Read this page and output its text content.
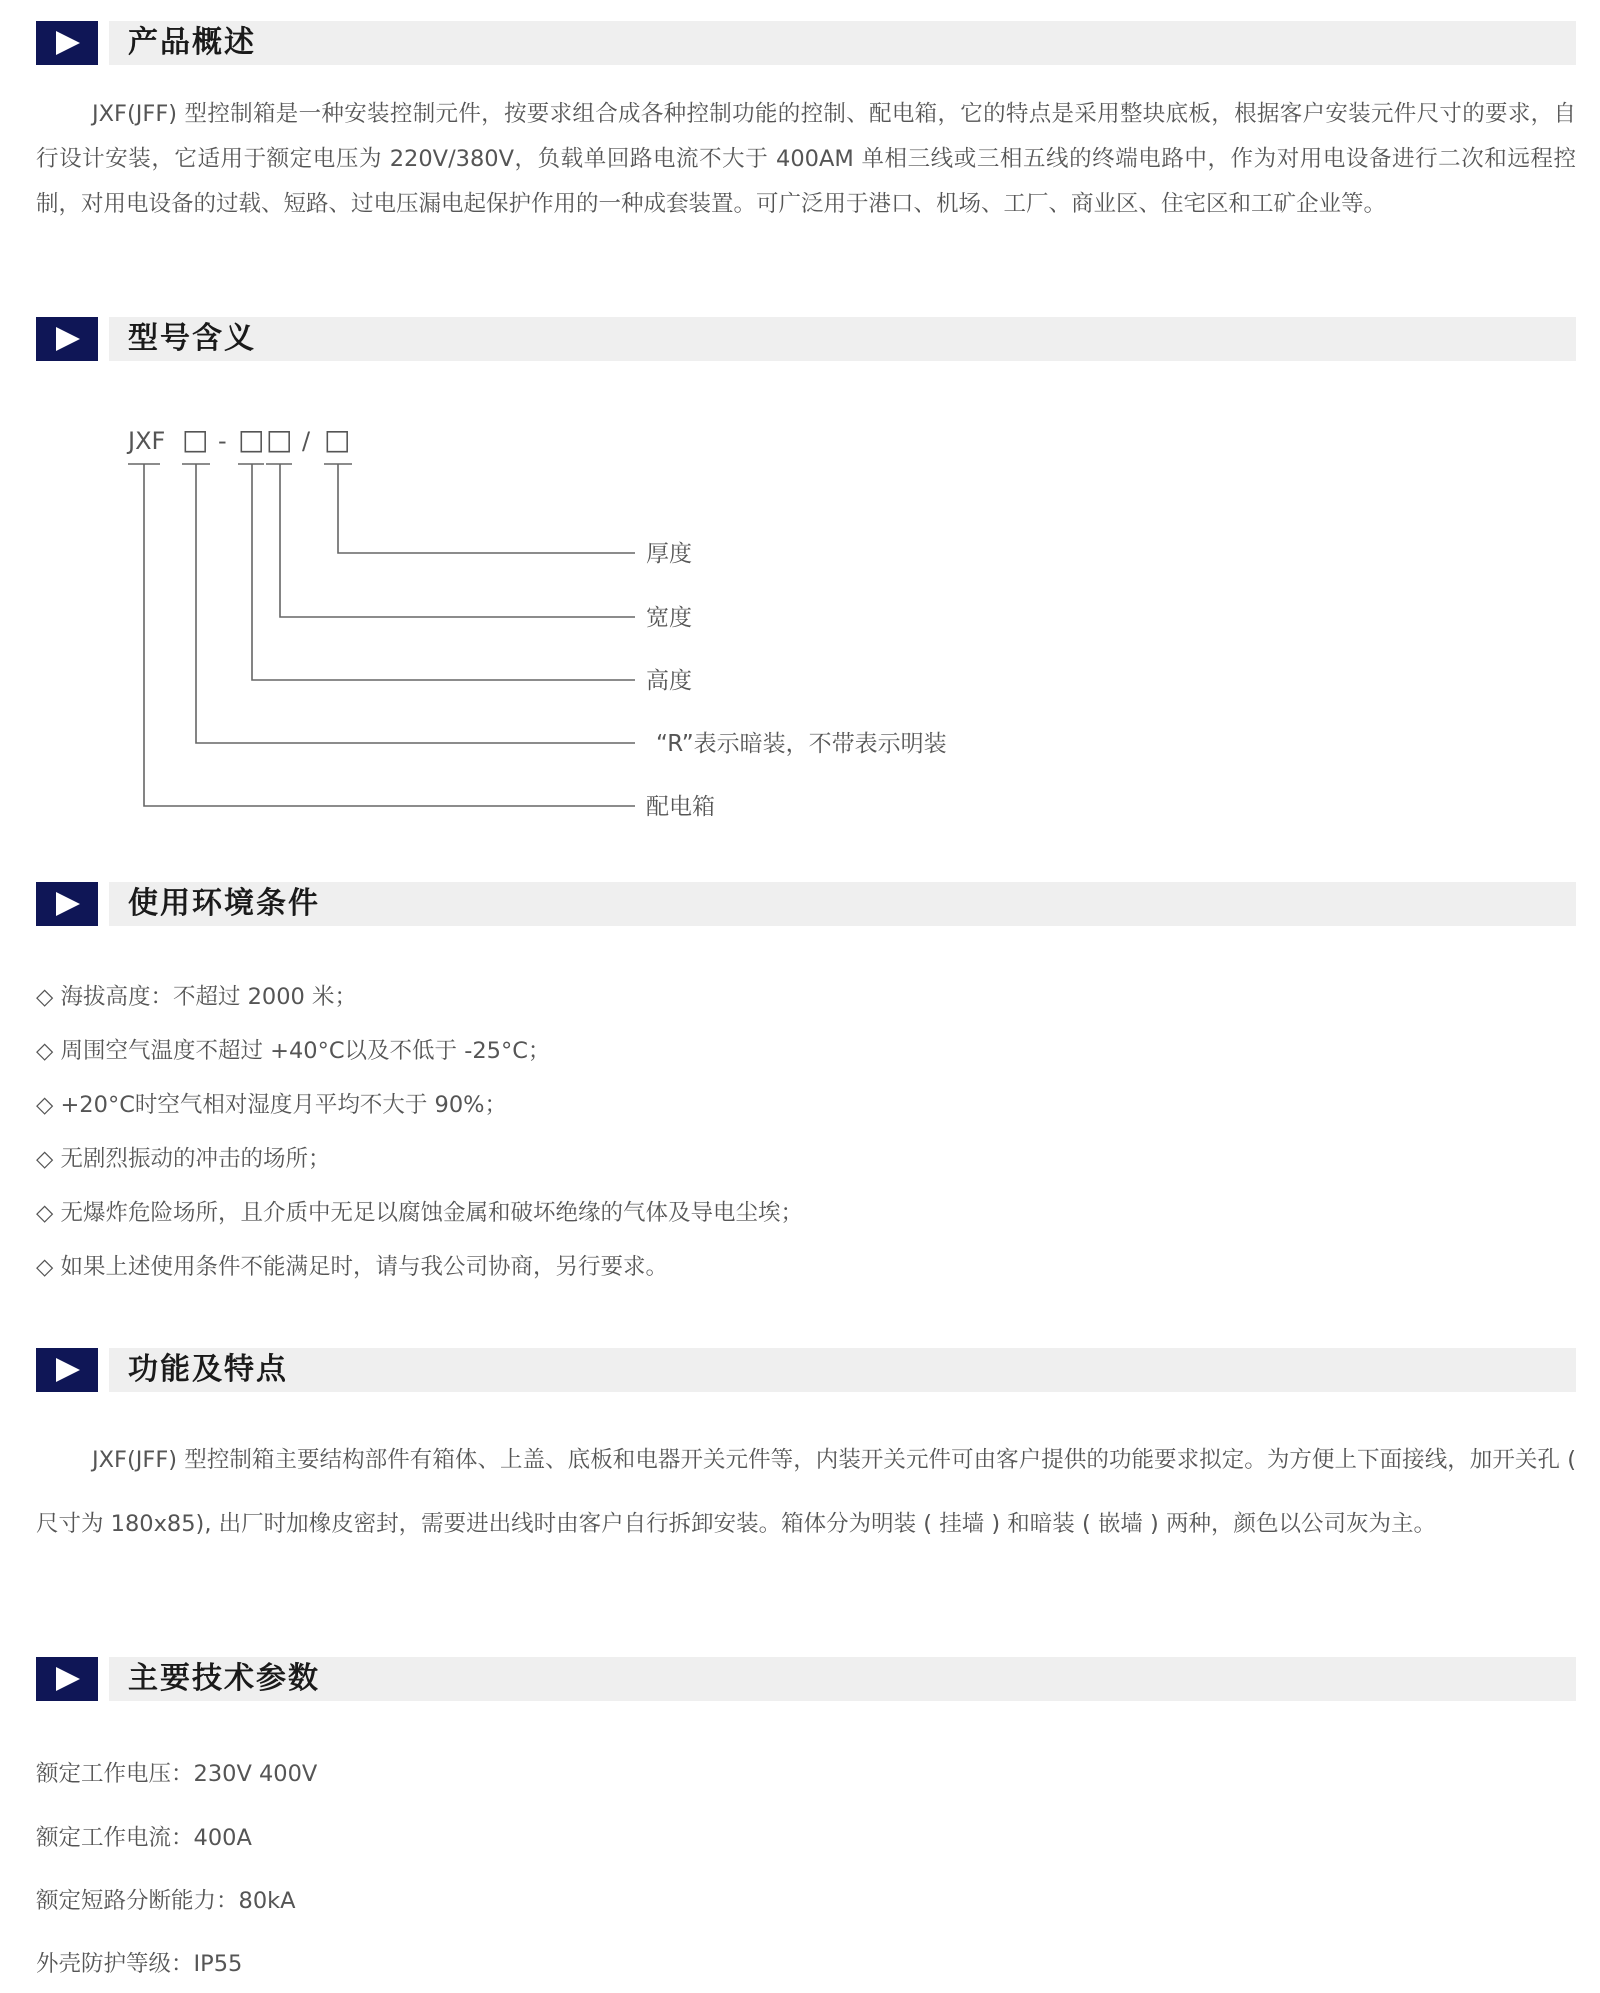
产品概述
JXF(JFF) 型控制箱是一种安装控制元件，按要求组合成各种控制功能的控制、配电箱，它的特点是采用整块底板，根据客户安装元件尺寸的要求，自行设计安装，它适用于额定电压为 220V/380V，负载单回路电流不大于 400AM 单相三线或三相五线的终端电路中，作为对用电设备进行二次和远程控制，对用电设备的过载、短路、过电压漏电起保护作用的一种成套装置。可广泛用于港口、机场、工厂、商业区、住宅区和工矿企业等。
型号含义
JXF □ - □ □ / □
厚度
宽度
高度
“R”表示暗装，不带表示明装
配电箱
使用环境条件
◇ 海拔高度：不超过 2000 米；
◇ 周围空气温度不超过 +40°C以及不低于 -25°C；
◇ +20°C时空气相对湿度月平均不大于 90%；
◇ 无剧烈振动的冲击的场所；
◇ 无爆炸危险场所，且介质中无足以腐蚀金属和破坏绝缘的气体及导电尘埃；
◇ 如果上述使用条件不能满足时，请与我公司协商，另行要求。
功能及特点
JXF(JFF) 型控制箱主要结构部件有箱体、上盖、底板和电器开关元件等，内装开关元件可由客户提供的功能要求拟定。为方便上下面接线，加开关孔 ( 尺寸为 180x85), 出厂时加橡皮密封，需要进出线时由客户自行拆卸安装。箱体分为明装 ( 挂墙 ) 和暗装 ( 嵌墙 ) 两种，颜色以公司灰为主。
主要技术参数
额定工作电压：230V 400V
额定工作电流：400A
额定短路分断能力：80kA
外壳防护等级：IP55
